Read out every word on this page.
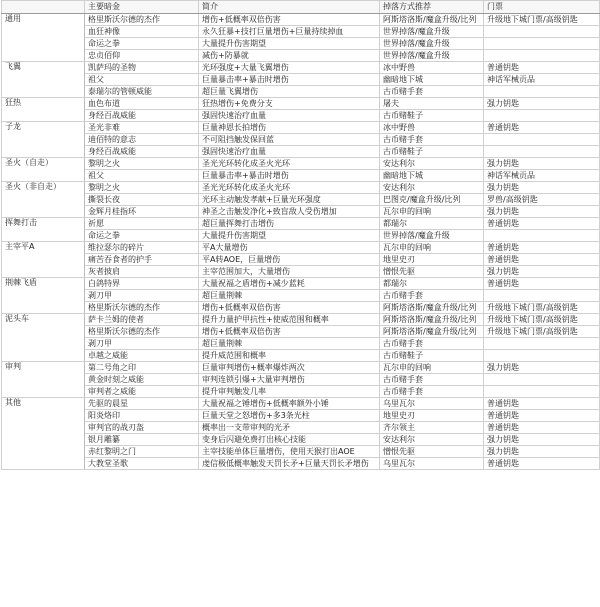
	主要暗金	简介	掉落方式推荐	门票
通用	格里斯沃尔德的杰作	增伤+低概率双倍伤害	阿斯塔洛斯/魔盒升级/比列	升级地下城门票/高级钥匙
	血狂神像	永久狂暴+技打巨量增伤+巨量持续掉血	世界掉落/魔盒升级	
	命运之拳	大量提升伤害期望	世界掉落/魔盒升级	
	忠贞佰仰	减伤+防暴就	世界掉落/魔盒升级	
飞翼	凯萨玛的圣物	光环强度+大量飞翼增伤	冰中野兽	普通钥匙
	祖父	巨量暴击率+暴击时增伤	幽暗地下城	神话军械贡品
	泰瑞尔的管顿威能	超巨量飞翼增伤	古币赌手套	
狂热	血色布道	狂热增伤+免费分支	屠夫	强力钥匙
	身经百战威能	强固快速治疗血量	古币赌鞋子	
子龙	圣光非难	巨量神恩长拍增伤	冰中野兽	普通钥匙
	迪佰特的意志	不可阻挡触发保回蓝	古币赌手套	
	身经百战威能	强固快速治疗血量	古币赌鞋子	
圣火（自走）	黎明之火	圣光光环转化成圣火光环	安达利尔	强力钥匙
	祖父	巨量暴击率+暴击时增伤	幽暗地下城	神话军械贡品
圣火（非自走）	黎明之火	圣光光环转化成圣火光环	安达利尔	强力钥匙
	撕裂长夜	光环主动触发孝献+巨量光环强度	巴图克/魔盒升级/比列	罗兽/高级钥匙
	金辉月桂指环	神圣之击触发净化+致盲敌人受伤增加	瓦尔申的回响	强力钥匙
挥舞打击	祈愿	超巨量挥舞打击增伤	都瑞尔	普通钥匙
	命运之拳	大量提升伤害期望	世界掉落/魔盒升级	
主宰平A	维拉瑟尔的碎片	平A大量增伤	瓦尔申的回响	普通钥匙
	痛苦吞食者的护手	平A转AOE，巨量增伤	地里史刃	普通钥匙
	灰者披肩	主宰范围加大，大量增伤	憎恨先驱	强力钥匙
荆棘飞盾	白鸽特界	大量祝福之盾增伤+减少蓝耗	都瑞尔	普通钥匙
	剥刀甲	超巨量荆棘	古币赌手套	
	格里斯沃尔德的杰作	增伤+低概率双倍伤害	阿斯塔洛斯/魔盒升级/比列	升级地下城门票/高级钥匙
泥头车	萨卡兰姆的使者	提升力量护甲抗性+使威范围和概率	阿斯塔洛斯/魔盒升级/比列	升级地下城门票/高级钥匙
	格里斯沃尔德的杰作	增伤+低概率双倍伤害	阿斯塔洛斯/魔盒升级/比列	升级地下城门票/高级钥匙
	剥刀甲	超巨量荆棘	古币赌手套	
	卓越之威能	提升威范围和概率	古币赌鞋子	
审判	第二号角之印	巨量审判增伤+概率爆炸两次	瓦尔申的回响	强力钥匙
	黄金时刻之威能	审判连锁引爆+大量审判增伤	古币赌手套	
	审判者之威能	提升审判触发几率	古币赌手套	
其他	先驱的晨星	大量祝福之锤增伤+低概率额外小锤	乌里瓦尔	普通钥匙
	阳炎烙印	巨量天堂之怒增伤+多3条光柱	地里史刃	普通钥匙
	审判官的战刃盔	概率出一支带审判的光矛	齐尔领主	普通钥匙
	银月雕纂	变身后闪避免费打出核心技能	安达利尔	强力钥匙
	赤红黎明之门	主宰技能单体巨量增伤，使用天猴打出AOE	憎恨先驱	强力钥匙
	大教堂圣歌	虔信极低概率触发天罚长矛+巨量天罚长矛增伤	乌里瓦尔	普通钥匙
